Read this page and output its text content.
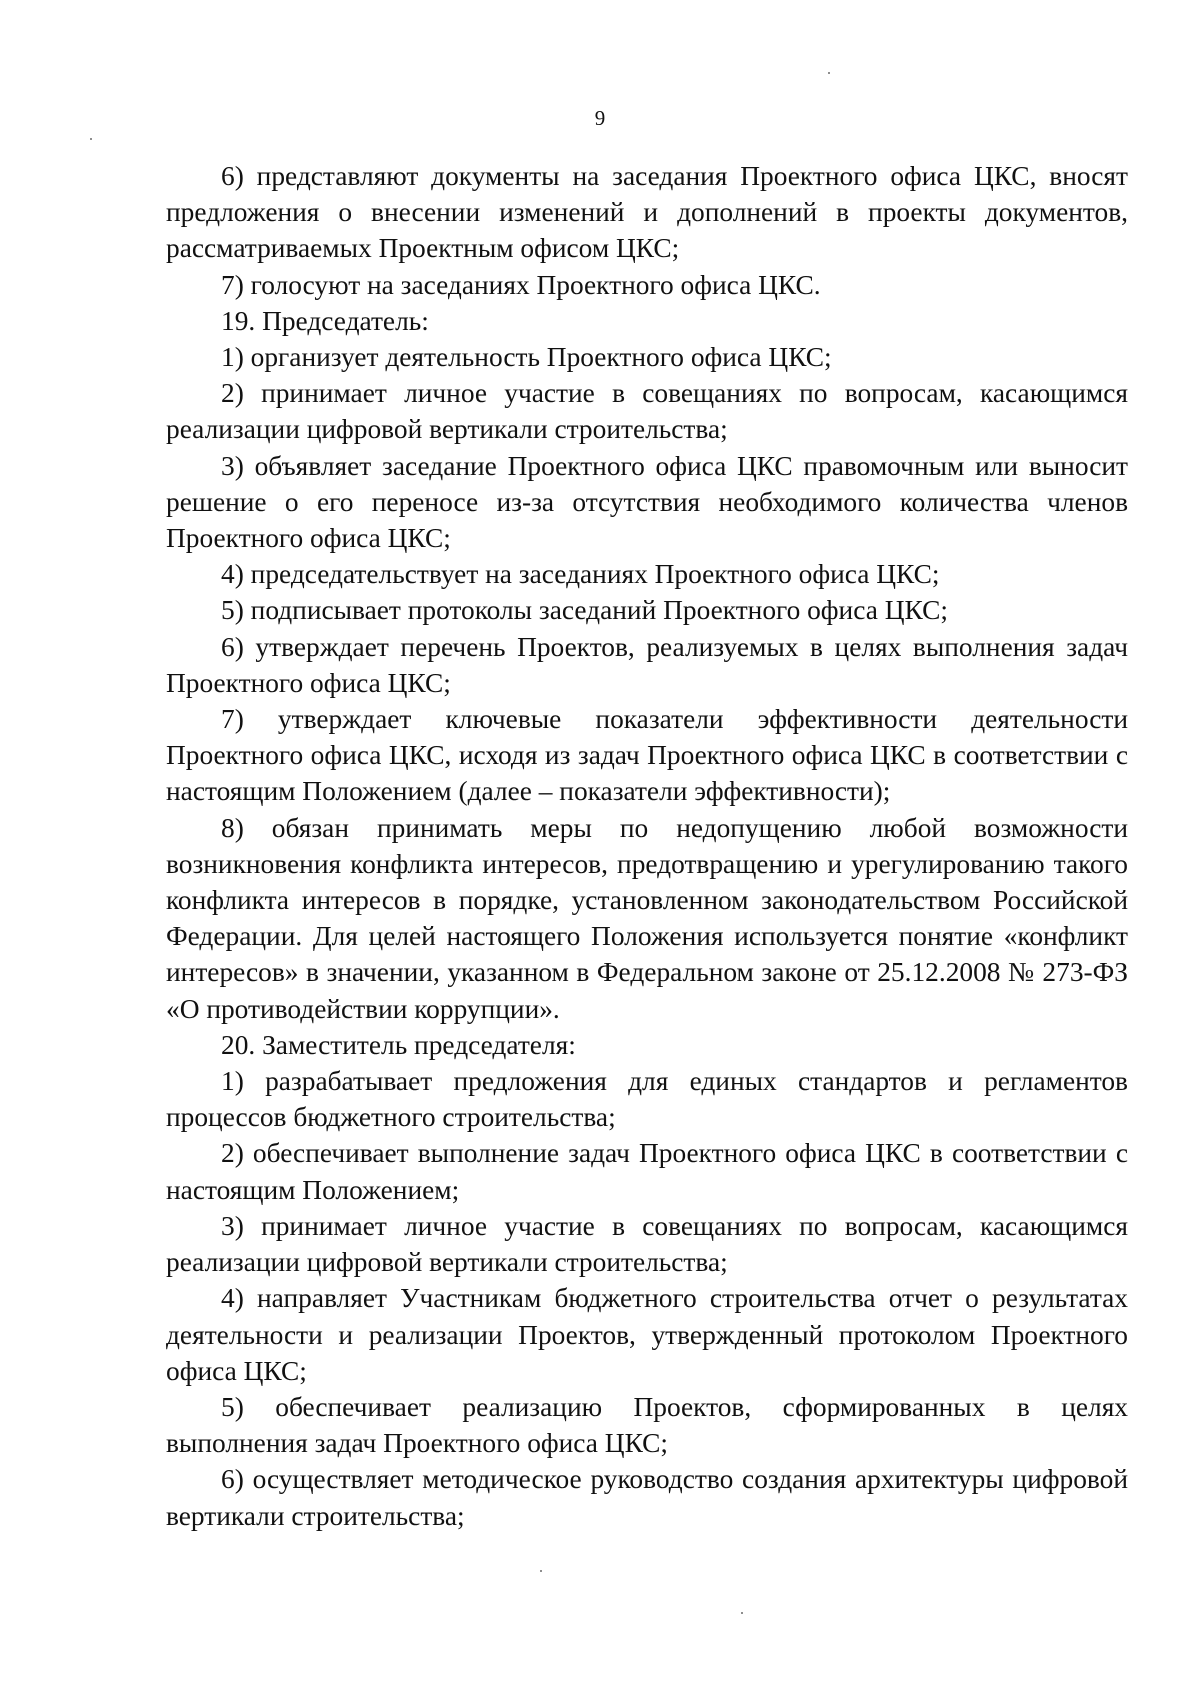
9

6) представляют документы на заседания Проектного офиса ЦКС, вносят предложения о внесении изменений и дополнений в проекты документов, рассматриваемых Проектным офисом ЦКС;

7) голосуют на заседаниях Проектного офиса ЦКС.

19. Председатель:

1) организует деятельность Проектного офиса ЦКС;

2) принимает личное участие в совещаниях по вопросам, касающимся реализации цифровой вертикали строительства;

3) объявляет заседание Проектного офиса ЦКС правомочным или выносит решение о его переносе из-за отсутствия необходимого количества членов Проектного офиса ЦКС;

4) председательствует на заседаниях Проектного офиса ЦКС;

5) подписывает протоколы заседаний Проектного офиса ЦКС;

6) утверждает перечень Проектов, реализуемых в целях выполнения задач Проектного офиса ЦКС;

7) утверждает ключевые показатели эффективности деятельности Проектного офиса ЦКС, исходя из задач Проектного офиса ЦКС в соответствии с настоящим Положением (далее – показатели эффективности);

8) обязан принимать меры по недопущению любой возможности возникновения конфликта интересов, предотвращению и урегулированию такого конфликта интересов в порядке, установленном законодательством Российской Федерации. Для целей настоящего Положения используется понятие «конфликт интересов» в значении, указанном в Федеральном законе от 25.12.2008 № 273-ФЗ «О противодействии коррупции».

20. Заместитель председателя:

1) разрабатывает предложения для единых стандартов и регламентов процессов бюджетного строительства;

2) обеспечивает выполнение задач Проектного офиса ЦКС в соответствии с настоящим Положением;

3) принимает личное участие в совещаниях по вопросам, касающимся реализации цифровой вертикали строительства;

4) направляет Участникам бюджетного строительства отчет о результатах деятельности и реализации Проектов, утвержденный протоколом Проектного офиса ЦКС;

5) обеспечивает реализацию Проектов, сформированных в целях выполнения задач Проектного офиса ЦКС;

6) осуществляет методическое руководство создания архитектуры цифровой вертикали строительства;
